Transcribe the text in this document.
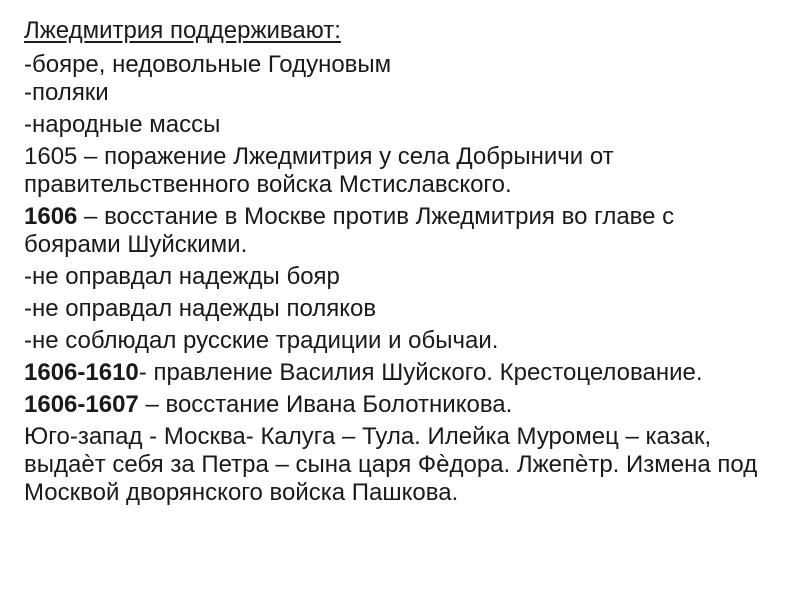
Лжедмитрия поддерживают:
-бояре, недовольные Годуновым
-поляки
-народные массы
1605 – поражение Лжедмитрия у села Добрыничи от правительственного войска Мстиславского.
1606 – восстание в Москве против Лжедмитрия во главе с боярами Шуйскими.
-не оправдал надежды бояр
-не оправдал надежды поляков
-не соблюдал русские традиции и обычаи.
1606-1610- правление Василия Шуйского. Крестоцелование.
1606-1607 – восстание Ивана Болотникова.
Юго-запад - Москва- Калуга – Тула. Илейка Муромец – казак, выдаѐт себя за Петра – сына царя Фѐдора. Лжепѐтр. Измена под Москвой дворянского войска Пашкова.
